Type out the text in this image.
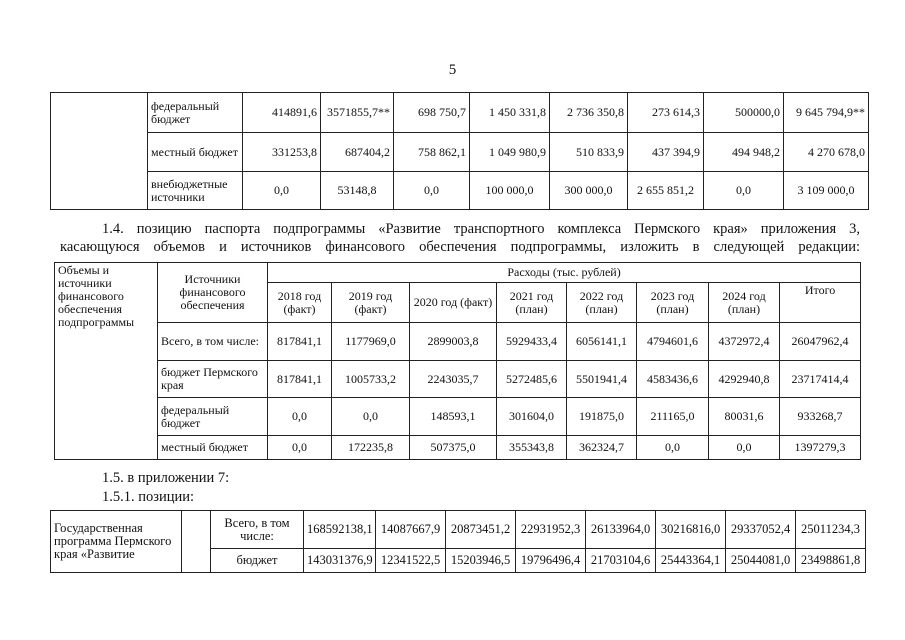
5
	федеральный бюджет	414891,6	3571855,7**	698 750,7	1 450 331,8	2 736 350,8	273 614,3	500000,0	9 645 794,9**
	местный бюджет	331253,8	687404,2	758 862,1	1 049 980,9	510 833,9	437 394,9	494 948,2	4 270 678,0
	внебюджетные источники	0,0	53148,8	0,0	100 000,0	300 000,0	2 655 851,2	0,0	3 109 000,0
1.4. позицию паспорта подпрограммы «Развитие транспортного комплекса Пермского края» приложения 3,
касающуюся объемов и источников финансового обеспечения подпрограммы, изложить в следующей редакции:
Объемы и источники финансового обеспечения подпрограммы	Источники финансового обеспечения	Расходы (тыс. рублей)							
		2018 год (факт)	2019 год (факт)	2020 год (факт)	2021 год (план)	2022 год (план)	2023 год (план)	2024 год (план)	Итого
	Всего, в том числе:	817841,1	1177969,0	2899003,8	5929433,4	6056141,1	4794601,6	4372972,4	26047962,4
	бюджет Пермского края	817841,1	1005733,2	2243035,7	5272485,6	5501941,4	4583436,6	4292940,8	23717414,4
	федеральный бюджет	0,0	0,0	148593,1	301604,0	191875,0	211165,0	80031,6	933268,7
	местный бюджет	0,0	172235,8	507375,0	355343,8	362324,7	0,0	0,0	1397279,3
1.5. в приложении 7:
1.5.1. позиции:
Государственная программа Пермского края «Развитие		Всего, в том числе:	168592138,1	14087667,9	20873451,2	22931952,3	26133964,0	30216816,0	29337052,4	25011234,3
		бюджет	143031376,9	12341522,5	15203946,5	19796496,4	21703104,6	25443364,1	25044081,0	23498861,8
